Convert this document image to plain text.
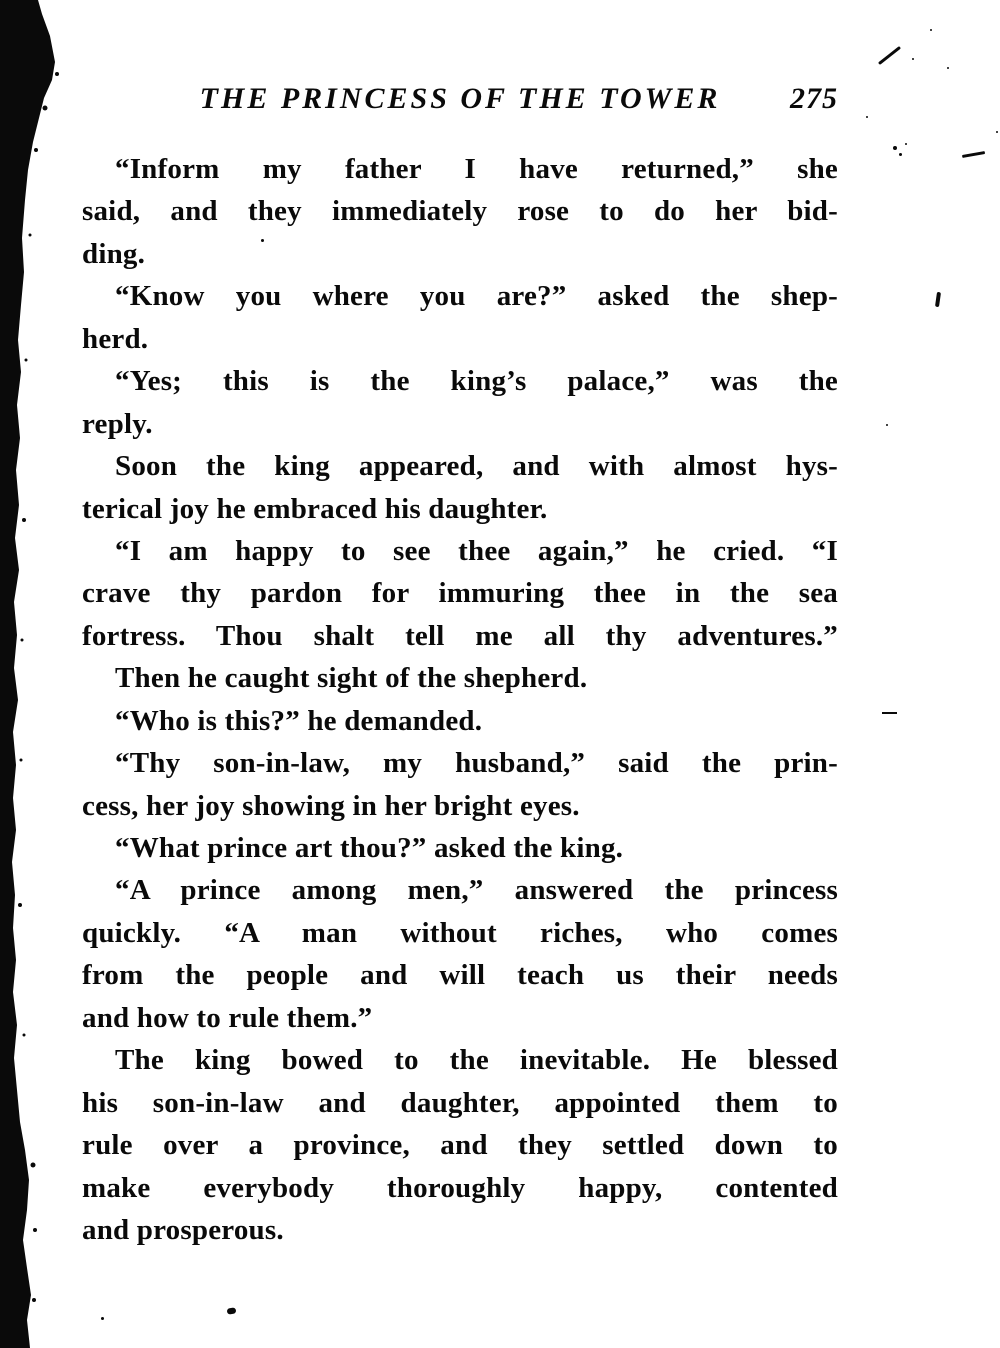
THE PRINCESS OF THE TOWER	275
“Inform my father I have returned,” she
said, and they immediately rose to do her bid-
ding.
“Know you where you are?” asked the shep-
herd.
“Yes; this is the king’s palace,” was the
reply.
Soon the king appeared, and with almost hys-
terical joy he embraced his daughter.
“I am happy to see thee again,” he cried. “I
crave thy pardon for immuring thee in the sea
fortress. Thou shalt tell me all thy adventures.”
Then he caught sight of the shepherd.
“Who is this?” he demanded.
“Thy son-in-law, my husband,” said the prin-
cess, her joy showing in her bright eyes.
“What prince art thou?” asked the king.
“A prince among men,” answered the princess
quickly. “A man without riches, who comes
from the people and will teach us their needs
and how to rule them.”
The king bowed to the inevitable. He blessed
his son-in-law and daughter, appointed them to
rule over a province, and they settled down to
make everybody thoroughly happy, contented
and prosperous.
